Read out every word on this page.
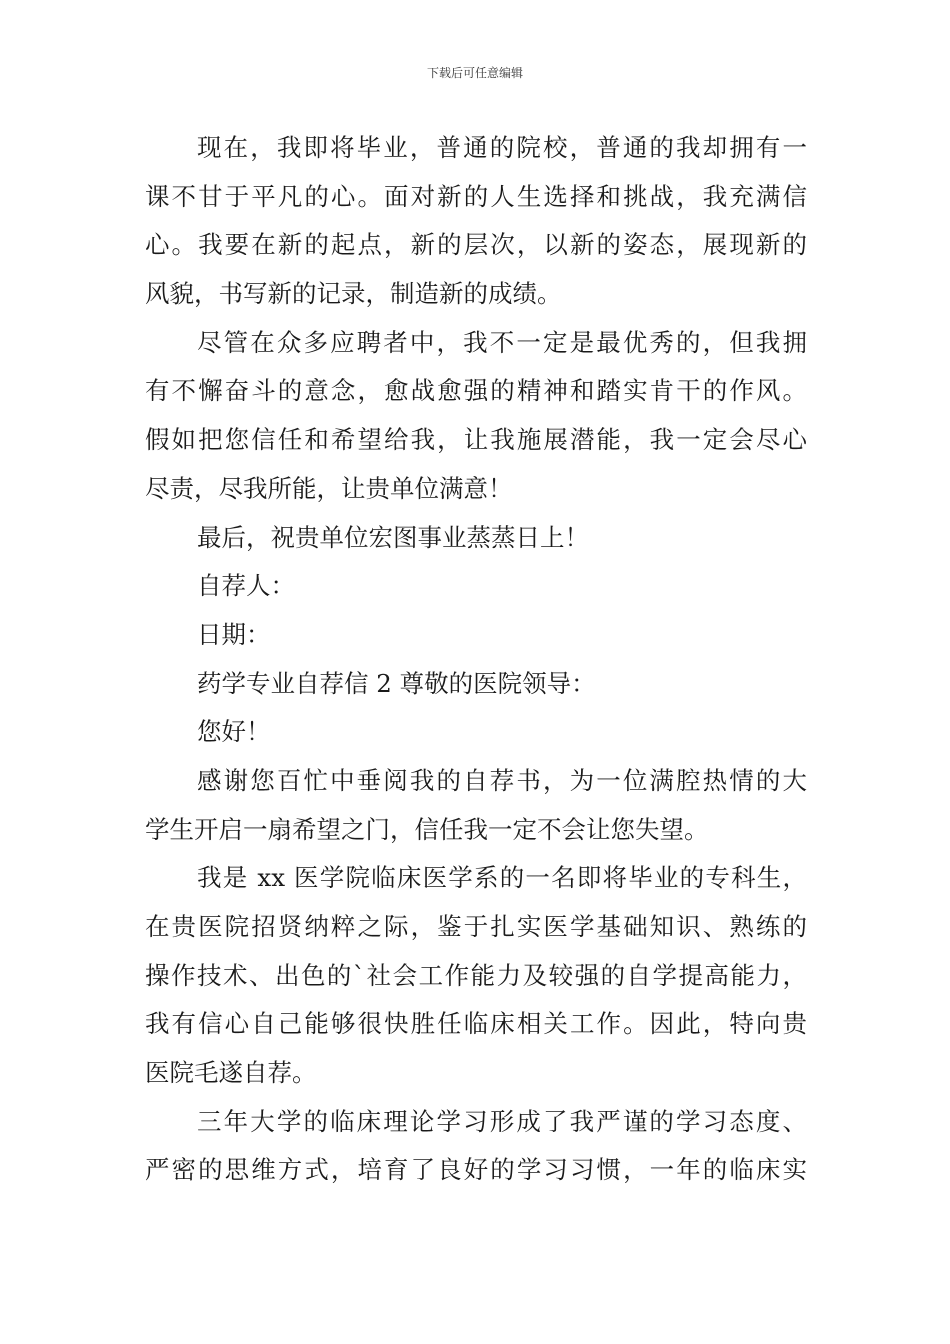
下载后可任意编辑
现在，我即将毕业，普通的院校，普通的我却拥有一
课不甘于平凡的心。面对新的人生选择和挑战，我充满信
心。我要在新的起点，新的层次，以新的姿态，展现新的
风貌，书写新的记录，制造新的成绩。
尽管在众多应聘者中，我不一定是最优秀的，但我拥
有不懈奋斗的意念，愈战愈强的精神和踏实肯干的作风。
假如把您信任和希望给我，让我施展潜能，我一定会尽心
尽责，尽我所能，让贵单位满意！
最后，祝贵单位宏图事业蒸蒸日上！
自荐人：
日期：
药学专业自荐信 2 尊敬的医院领导：
您好！
感谢您百忙中垂阅我的自荐书，为一位满腔热情的大
学生开启一扇希望之门，信任我一定不会让您失望。
我是 xx 医学院临床医学系的一名即将毕业的专科生，
在贵医院招贤纳粹之际，鉴于扎实医学基础知识、熟练的
操作技术、出色的`社会工作能力及较强的自学提高能力，
我有信心自己能够很快胜任临床相关工作。因此，特向贵
医院毛遂自荐。
三年大学的临床理论学习形成了我严谨的学习态度、
严密的思维方式，培育了良好的学习习惯，一年的临床实
